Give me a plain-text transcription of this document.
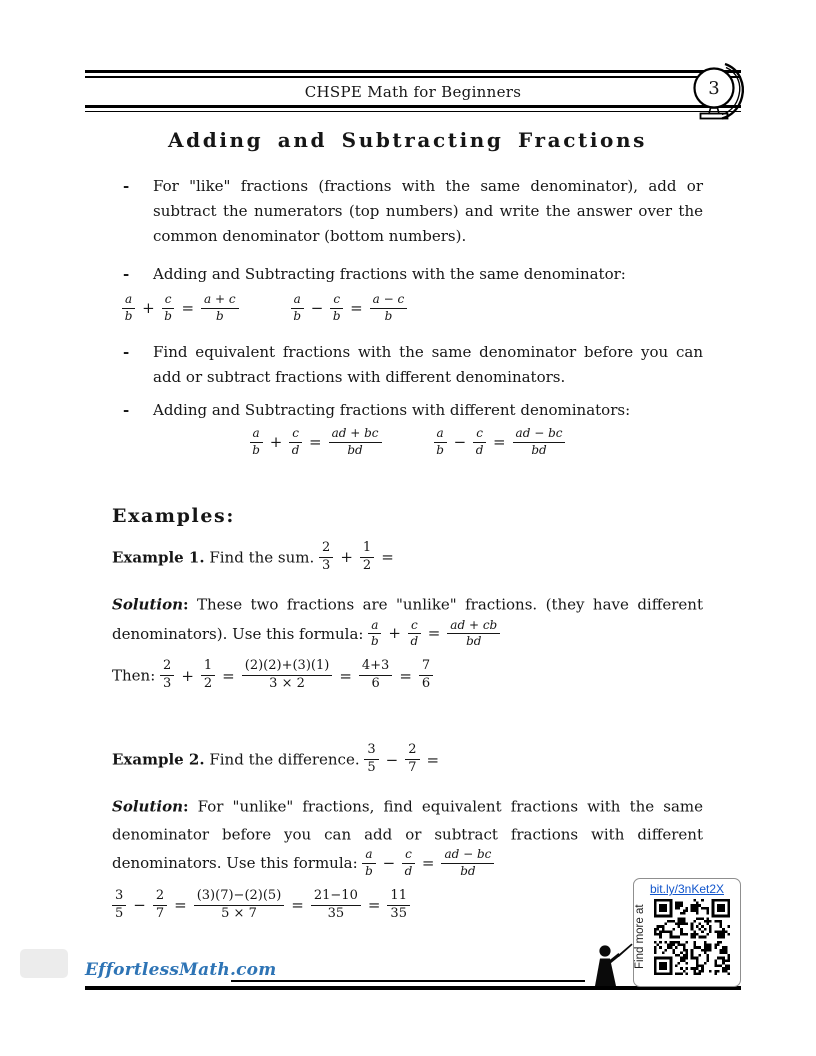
CHSPE Math for Beginners	3
Adding and Subtracting Fractions
-	For "like" fractions (fractions with the same denominator), add or subtract the numerators (top numbers) and write the answer over the common denominator (bottom numbers).
-	Adding and Subtracting fractions with the same denominator:
$\frac{a}{b} + \frac{c}{b} = \frac{a + c}{b}$	$\frac{a}{b} - \frac{c}{b} = \frac{a - c}{b}$
-	Find equivalent fractions with the same denominator before you can add or subtract fractions with different denominators.
-	Adding and Subtracting fractions with different denominators:
$\frac{a}{b} + \frac{c}{d} = \frac{ad + bc}{bd}$	$\frac{a}{b} - \frac{c}{d} = \frac{ad - bc}{bd}$
Examples:
Example 1. Find the sum. $\frac{2}{3} + \frac{1}{2}$ =
Solution: These two fractions are "unlike" fractions. (they have different denominators). Use this formula: $\frac{a}{b} + \frac{c}{d} = \frac{ad + cb}{bd}$
Then: $\frac{2}{3} + \frac{1}{2} = \frac{(2)(2)+(3)(1)}{3 \times 2} = \frac{4+3}{6} = \frac{7}{6}$
Example 2. Find the difference. $\frac{3}{5} - \frac{2}{7}$ =
Solution: For "unlike" fractions, find equivalent fractions with the same denominator before you can add or subtract fractions with different denominators. Use this formula: $\frac{a}{b} - \frac{c}{d} = \frac{ad - bc}{bd}$
$\frac{3}{5} - \frac{2}{7} = \frac{(3)(7)-(2)(5)}{5 \times 7} = \frac{21-10}{35} = \frac{11}{35}$	bit.ly/3nKet2X
Find more at
EffortlessMath.com
